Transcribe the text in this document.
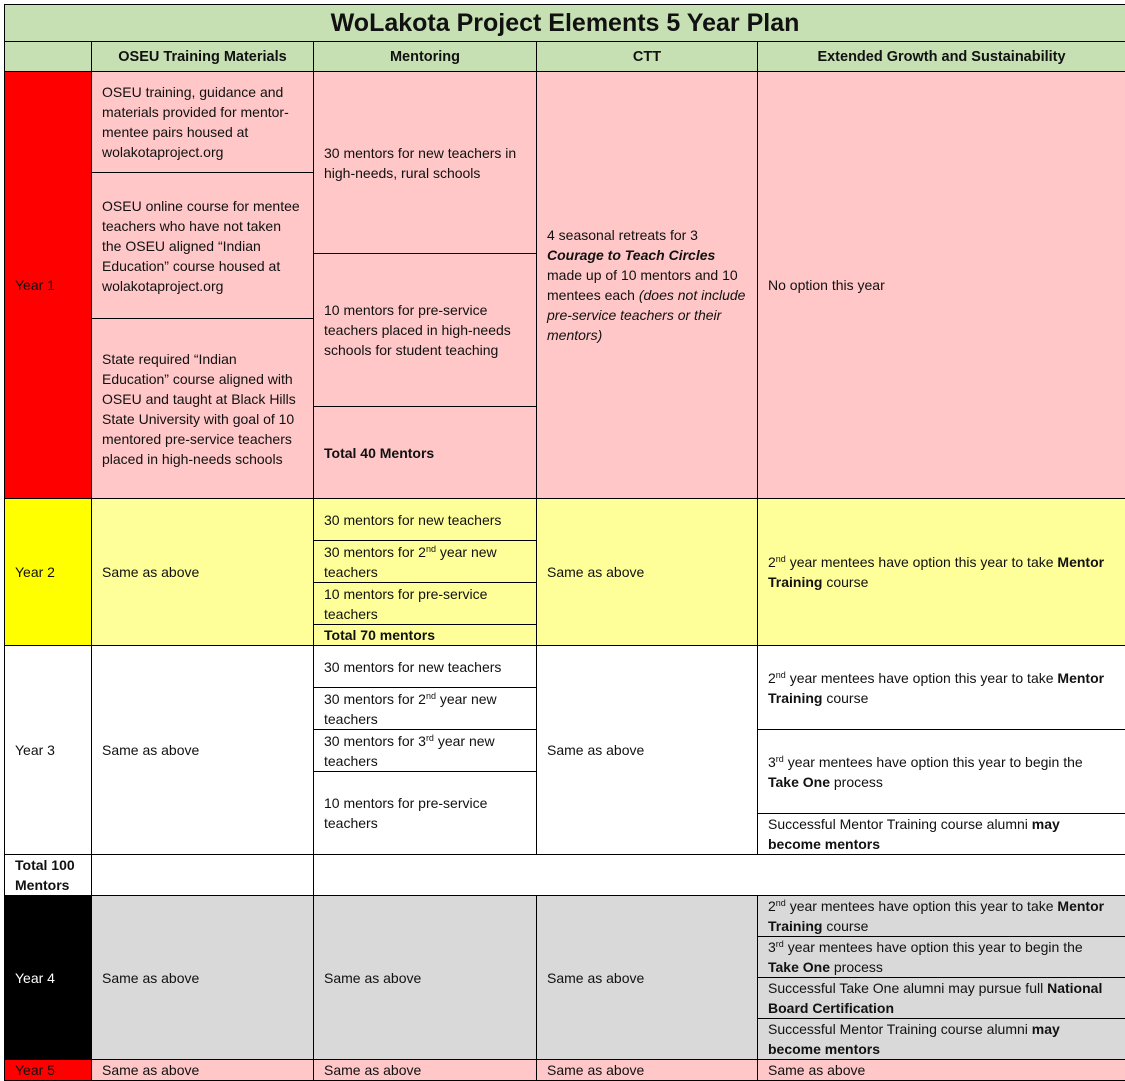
WoLakota Project Elements 5 Year Plan				
	OSEU Training Materials	Mentoring	CTT	Extended Growth and Sustainability
Year 1	OSEU training, guidance and materials provided for mentor-mentee pairs housed at wolakotaproject.org	30 mentors for new teachers in high-needs, rural schools	4 seasonal retreats for 3 Courage to Teach Circles made up of 10 mentors and 10 mentees each (does not include pre-service teachers or their mentors)	No option this year
	OSEU online course for mentee teachers who have not taken the OSEU aligned “Indian Education” course housed at wolakotaproject.org			
		10 mentors for pre-service teachers placed in high-needs schools for student teaching		
	State required “Indian Education” course aligned with OSEU and taught at Black Hills State University with goal of 10 mentored pre-service teachers placed in high-needs schools			
		Total 40 Mentors		
Year 2	Same as above	30 mentors for new teachers	Same as above	2nd year mentees have option this year to take Mentor Training course
		30 mentors for 2nd year new teachers		
		10 mentors for pre-service teachers		
		Total 70 mentors		
Year 3	Same as above	30 mentors for new teachers	Same as above	2nd year mentees have option this year to take Mentor Training course
		30 mentors for 2nd year new teachers		
		30 mentors for 3rd year new teachers		3rd year mentees have option this year to begin the Take One process
		10 mentors for pre-service teachers		
				Successful Mentor Training course alumni may become mentors
Total 100 Mentors				
Year 4	Same as above	Same as above	Same as above	2nd year mentees have option this year to take Mentor Training course
				3rd year mentees have option this year to begin the Take One process
				Successful Take One alumni may pursue full National Board Certification
				Successful Mentor Training course alumni may become mentors
Year 5	Same as above	Same as above	Same as above	Same as above
